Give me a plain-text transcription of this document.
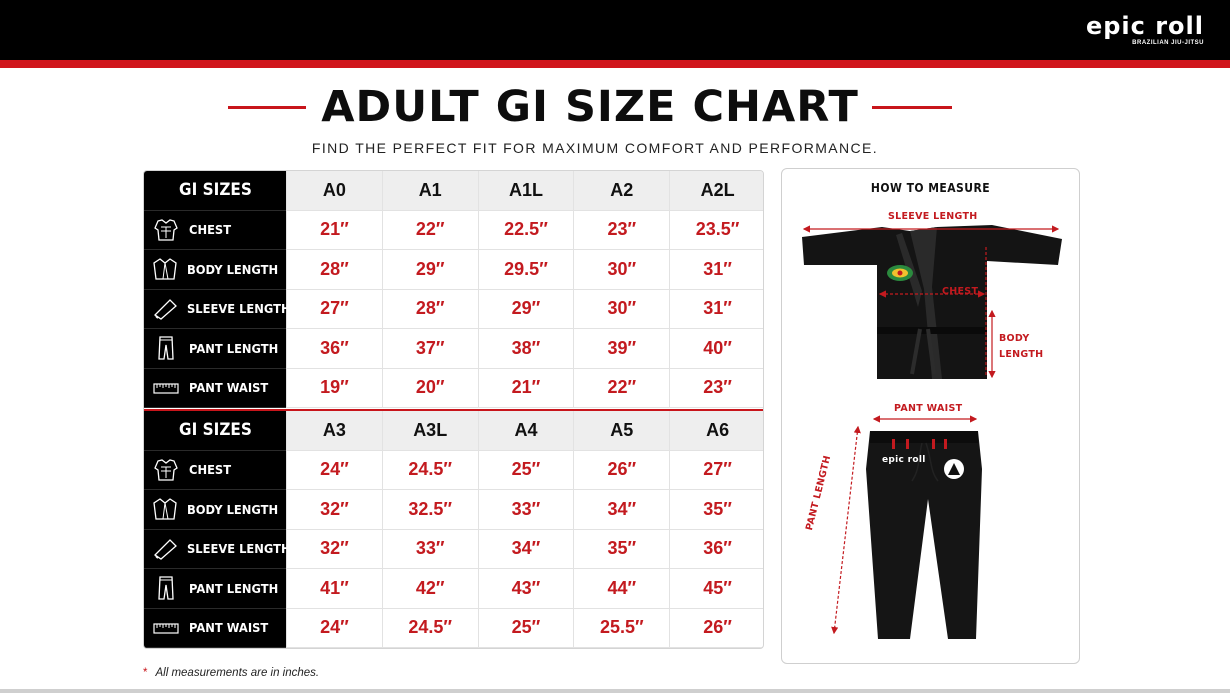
epic roll
BRAZILIAN JIU-JITSU
ADULT GI SIZE CHART
FIND THE PERFECT FIT FOR MAXIMUM COMFORT AND PERFORMANCE.
GI SIZES	A0	A1	A1L	A2	A2L
CHEST	21″	22″	22.5″	23″	23.5″
BODY LENGTH	28″	29″	29.5″	30″	31″
SLEEVE LENGTH	27″	28″	29″	30″	31″
PANT LENGTH	36″	37″	38″	39″	40″
PANT WAIST	19″	20″	21″	22″	23″
GI SIZES	A3	A3L	A4	A5	A6
CHEST	24″	24.5″	25″	26″	27″
BODY LENGTH	32″	32.5″	33″	34″	35″
SLEEVE LENGTH	32″	33″	34″	35″	36″
PANT LENGTH	41″	42″	43″	44″	45″
PANT WAIST	24″	24.5″	25″	25.5″	26″
* All measurements are in inches.
HOW TO MEASURE
SLEEVE LENGTH
CHEST
BODY
LENGTH
PANT WAIST
PANT LENGTH	epic roll
